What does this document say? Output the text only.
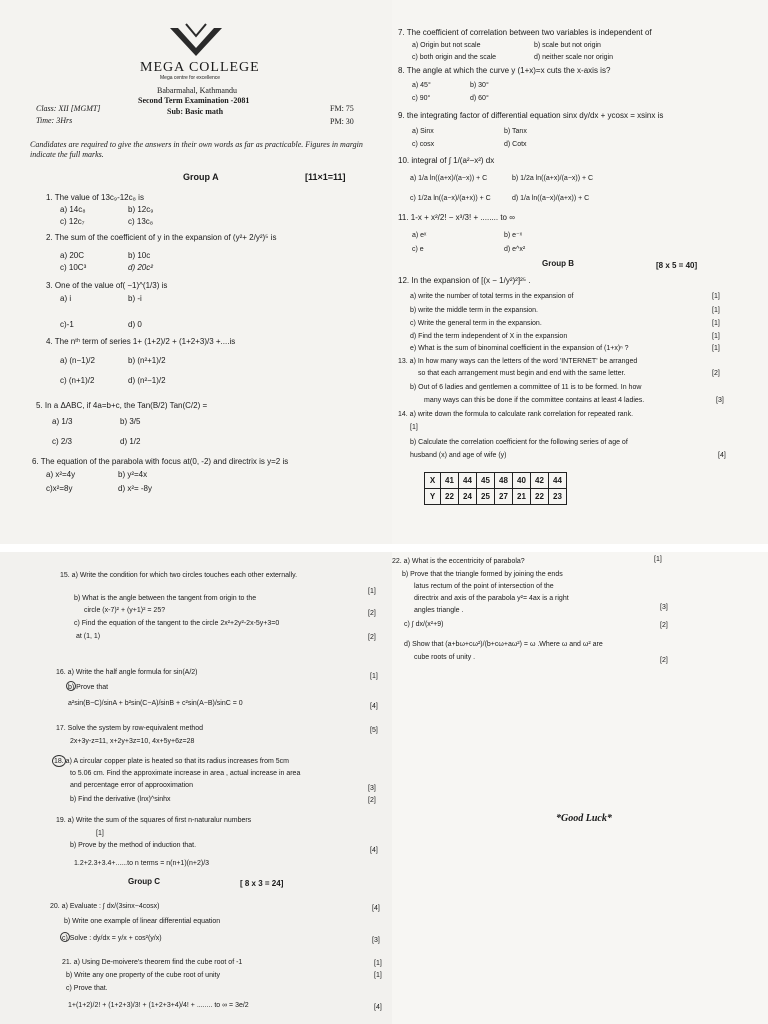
MEGA COLLEGE
Mega centre for excellence
Babarmahal, Kathmandu
Second Term Examination -2081
Class: XII [MGMT]	Sub: Basic math	FM: 75
Time: 3Hrs	PM: 30
Candidates are required to give the answers in their own words as far as practicable. Figures in margin indicate the full marks.
Group A	[11×1=11]
1. The value of 13c₉-12c₈ is
a) 14c₈	b) 12c₉
c) 12c₇	c) 13c₈
2. The sum of the coefficient of y in the expansion of (y²+ 2/y²)⁵ is
a) 20C	b) 10c
c) 10C³	d) 20c²
3. One of the value of( −1)^(1/3) is
a) i	b) -i
c)-1	d) 0
4. The nᵗʰ term of series 1+ (1+2)/2 + (1+2+3)/3 +....is
a) (n−1)/2	b) (n²+1)/2
c) (n+1)/2	d) (n²−1)/2
5. In a ΔABC, if 4a=b+c, the Tan(B/2) Tan(C/2) =
a) 1/3	b) 3/5
c) 2/3	d) 1/2
6. The equation of the parabola with focus at(0, -2) and directrix is y=2 is
a) x²=4y	b) y²=4x
c)x²=8y	d) x²= -8y
7. The coefficient of correlation between two variables is independent of
a) Origin but not scale	b) scale but not origin
c) both origin and the scale	d) neither scale nor origin
8. The angle at which the curve y (1+x)=x cuts the x-axis is?
a) 45°	b) 30°
c) 90°	d) 60°
9. the integrating factor of differential equation sinx dy/dx + ycosx = xsinx is
a) Sinx	b) Tanx
c) cosx	d) Cotx
10. integral of ∫ 1/(a²−x²) dx
a) 1/a ln((a+x)/(a−x)) + C	b) 1/2a ln((a+x)/(a−x)) + C
c) 1/2a ln((a−x)/(a+x)) + C	d) 1/a ln((a−x)/(a+x)) + C
11. 1-x + x²/2! − x³/3! + ........ to ∞
a) eˣ	b) e⁻ˣ
c) e	d) e^x²
Group B	[8 x 5 = 40]
12. In the expansion of [(x − 1/y²)²]²⁵ .
a) write the number of total terms in the expansion of	[1]
b) write the middle term in the expansion.	[1]
c) Write the general term in the expansion.	[1]
d) Find the term independent of X in the expansion	[1]
e) What is the sum of binominal coefficient in the expansion of (1+x)ⁿ ?	[1]
13. a) In how many ways can the letters of the word 'INTERNET' be arranged
so that each arrangement must begin and end with the same letter.	[2]
b) Out of 6 ladies and gentlemen a committee of 11 is to be formed. In how
many ways can this be done if the committee contains at least 4 ladies.	[3]
14. a) write down the formula to calculate rank correlation for repeated rank.
[1]
b) Calculate the correlation coefficient for the following series of age of
husband (x) and age of wife (y)	[4]
X	41	44	45	48	40	42	44
Y	22	24	25	27	21	22	23
15. a) Write the condition for which two circles touches each other externally.
[1]
b) What is the angle between the tangent from origin to the
circle (x-7)² + (y+1)² = 25?	[2]
c) Find the equation of the tangent to the circle 2x²+2y²-2x-5y+3=0
at (1, 1)	[2]
16. a) Write the half angle formula for sin(A/2)
[1]
b) Prove that
a²sin(B−C)/sinA + b²sin(C−A)/sinB + c²sin(A−B)/sinC = 0	[4]
17. Solve the system by row-equivalent method
2x+3y-z=11, x+2y+3z=10, 4x+5y+6z=28
[5]
18. a) A circular copper plate is heated so that its radius increases from 5cm
to 5.06 cm. Find the approximate increase in area , actual increase in area
and percentage error of approoximation	[3]
b) Find the derivative (lnx)^sinhx	[2]
19. a) Write the sum of the squares of first n-naturalur numbers
[1]
b) Prove by the method of induction that.
[4]
1.2+2.3+3.4+......to n terms = n(n+1)(n+2)/3
Group C	[ 8 x 3 = 24]
20. a) Evaluate : ∫ dx/(3sinx−4cosx)	[4]
b) Write one example of linear differential equation
c) Solve : dy/dx = y/x + cos²(y/x)	[3]
21. a) Using De-moivere's theorem find the cube root of -1	[1]
b) Write any one property of the cube root of unity	[1]
c) Prove that.
1+(1+2)/2! + (1+2+3)/3! + (1+2+3+4)/4! + ........ to ∞ = 3e/2	[4]
22. a) What is the eccentricity of parabola?	[1]
b) Prove that the triangle formed by joining the ends
latus rectum of the point of intersection of the
directrix and axis of the parabola y²= 4ax is a right
angles triangle .	[3]
c) ∫ dx/(x²+9)	[2]
d) Show that (a+bω+cω²)/(b+cω+aω²) = ω .Where ω and ω² are
cube roots of unity .	[2]
*Good Luck*
